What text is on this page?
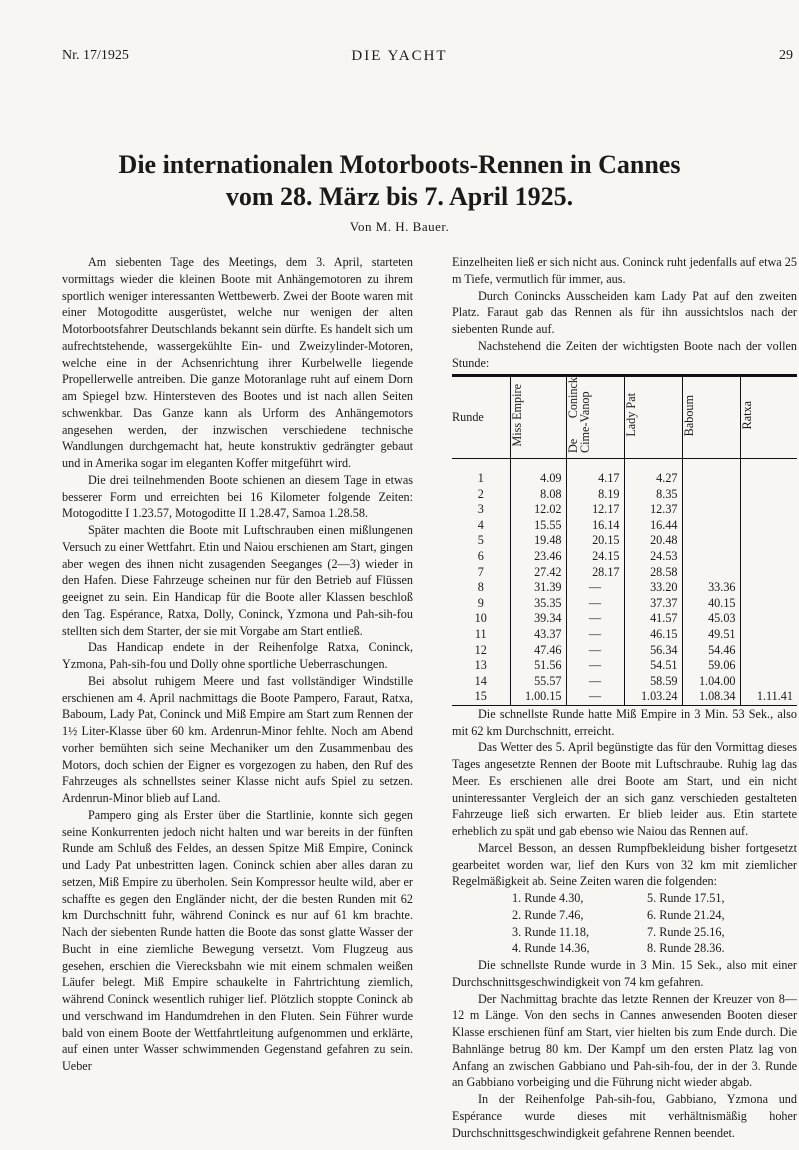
Nr. 17/1925	DIE YACHT	29
Die internationalen Motorboots-Rennen in Cannes
vom 28. März bis 7. April 1925.
Von M. H. Bauer.

Am siebenten Tage des Meetings, dem 3. April, starteten vormittags wieder die kleinen Boote mit Anhängemotoren zu ihrem sportlich weniger interessanten Wettbewerb. Zwei der Boote waren mit einer Motogoditte ausgerüstet, welche nur wenigen der alten Motorbootsfahrer Deutschlands bekannt sein dürfte. Es handelt sich um aufrechtstehende, wassergekühlte Ein- und Zweizylinder-Motoren, welche eine in der Achsenrichtung ihrer Kurbelwelle liegende Propellerwelle antreiben. Die ganze Motoranlage ruht auf einem Dorn am Spiegel bzw. Hintersteven des Bootes und ist nach allen Seiten schwenkbar. Das Ganze kann als Urform des Anhängemotors angesehen werden, der inzwischen verschiedene technische Wandlungen durchgemacht hat, heute konstruktiv gedrängter gebaut und in Amerika sogar im eleganten Koffer mitgeführt wird.

Die drei teilnehmenden Boote schienen an diesem Tage in etwas besserer Form und erreichten bei 16 Kilometer folgende Zeiten: Motogoditte I 1.23.57, Motogoditte II 1.28.47, Samoa 1.28.58.

Später machten die Boote mit Luftschrauben einen mißlungenen Versuch zu einer Wettfahrt. Etin und Naiou erschienen am Start, gingen aber wegen des ihnen nicht zusagenden Seeganges (2—3) wieder in den Hafen. Diese Fahrzeuge scheinen nur für den Betrieb auf Flüssen geeignet zu sein. Ein Handicap für die Boote aller Klassen beschloß den Tag. Espérance, Ratxa, Dolly, Coninck, Yzmona und Pah-sih-fou stellten sich dem Starter, der sie mit Vorgabe am Start entließ.

Das Handicap endete in der Reihenfolge Ratxa, Coninck, Yzmona, Pah-sih-fou und Dolly ohne sportliche Ueberraschungen.

Bei absolut ruhigem Meere und fast vollständiger Windstille erschienen am 4. April nachmittags die Boote Pampero, Faraut, Ratxa, Baboum, Lady Pat, Coninck und Miß Empire am Start zum Rennen der 1½ Liter-Klasse über 60 km. Ardenrun-Minor fehlte. Noch am Abend vorher bemühten sich seine Mechaniker um den Zusammenbau des Motors, doch schien der Eigner es vorgezogen zu haben, den Ruf des Fahrzeuges als schnellstes seiner Klasse nicht aufs Spiel zu setzen. Ardenrun-Minor blieb auf Land.

Pampero ging als Erster über die Startlinie, konnte sich gegen seine Konkurrenten jedoch nicht halten und war bereits in der fünften Runde am Schluß des Feldes, an dessen Spitze Miß Empire, Coninck und Lady Pat unbestritten lagen. Coninck schien aber alles daran zu setzen, Miß Empire zu überholen. Sein Kompressor heulte wild, aber er schaffte es gegen den Engländer nicht, der die besten Runden mit 62 km Durchschnitt fuhr, während Coninck es nur auf 61 km brachte. Nach der siebenten Runde hatten die Boote das sonst glatte Wasser der Bucht in eine ziemliche Bewegung versetzt. Vom Flugzeug aus gesehen, erschien die Vierecksbahn wie mit einem schmalen weißen Läufer belegt. Miß Empire schaukelte in Fahrtrichtung ziemlich, während Coninck wesentlich ruhiger lief. Plötzlich stoppte Coninck ab und verschwand im Handumdrehen in den Fluten. Sein Führer wurde bald von einem Boote der Wettfahrtleitung aufgenommen und erklärte, auf einen unter Wasser schwimmenden Gegenstand gefahren zu sein. Ueber

Einzelheiten ließ er sich nicht aus. Coninck ruht jedenfalls auf etwa 25 m Tiefe, vermutlich für immer, aus.

Durch Conincks Ausscheiden kam Lady Pat auf den zweiten Platz. Faraut gab das Rennen als für ihn aussichtslos nach der siebenten Runde auf.

Nachstehend die Zeiten der wichtigsten Boote nach der vollen Stunde:

Runde	Miss Empire	De Coninck Cime-Vanop	Lady Pat	Baboum	Ratxa
1	4.09	4.17	4.27		
2	8.08	8.19	8.35		
3	12.02	12.17	12.37		
4	15.55	16.14	16.44		
5	19.48	20.15	20.48		
6	23.46	24.15	24.53		
7	27.42	28.17	28.58		
8	31.39	—	33.20	33.36	
9	35.35	—	37.37	40.15	
10	39.34	—	41.57	45.03	
11	43.37	—	46.15	49.51	
12	47.46	—	56.34	54.46	
13	51.56	—	54.51	59.06	
14	55.57	—	58.59	1.04.00	
15	1.00.15	—	1.03.24	1.08.34	1.11.41

Die schnellste Runde hatte Miß Empire in 3 Min. 53 Sek., also mit 62 km Durchschnitt, erreicht.

Das Wetter des 5. April begünstigte das für den Vormittag dieses Tages angesetzte Rennen der Boote mit Luftschraube. Ruhig lag das Meer. Es erschienen alle drei Boote am Start, und ein nicht uninteressanter Vergleich der an sich ganz verschieden gestalteten Fahrzeuge ließ sich erwarten. Er blieb leider aus. Etin startete erheblich zu spät und gab ebenso wie Naiou das Rennen auf.

Marcel Besson, an dessen Rumpfbekleidung bisher fortgesetzt gearbeitet worden war, lief den Kurs von 32 km mit ziemlicher Regelmäßigkeit ab. Seine Zeiten waren die folgenden:

1. Runde 4.30,	5. Runde 17.51,
2. Runde 7.46,	6. Runde 21.24,
3. Runde 11.18,	7. Runde 25.16,
4. Runde 14.36,	8. Runde 28.36.

Die schnellste Runde wurde in 3 Min. 15 Sek., also mit einer Durchschnittsgeschwindigkeit von 74 km gefahren.

Der Nachmittag brachte das letzte Rennen der Kreuzer von 8—12 m Länge. Von den sechs in Cannes anwesenden Booten dieser Klasse erschienen fünf am Start, vier hielten bis zum Ende durch. Die Bahnlänge betrug 80 km. Der Kampf um den ersten Platz lag von Anfang an zwischen Gabbiano und Pah-sih-fou, der in der 3. Runde an Gabbiano vorbeiging und die Führung nicht wieder abgab.

In der Reihenfolge Pah-sih-fou, Gabbiano, Yzmona und Espérance wurde dieses mit verhältnismäßig hoher Durchschnittsgeschwindigkeit gefahrene Rennen beendet.
